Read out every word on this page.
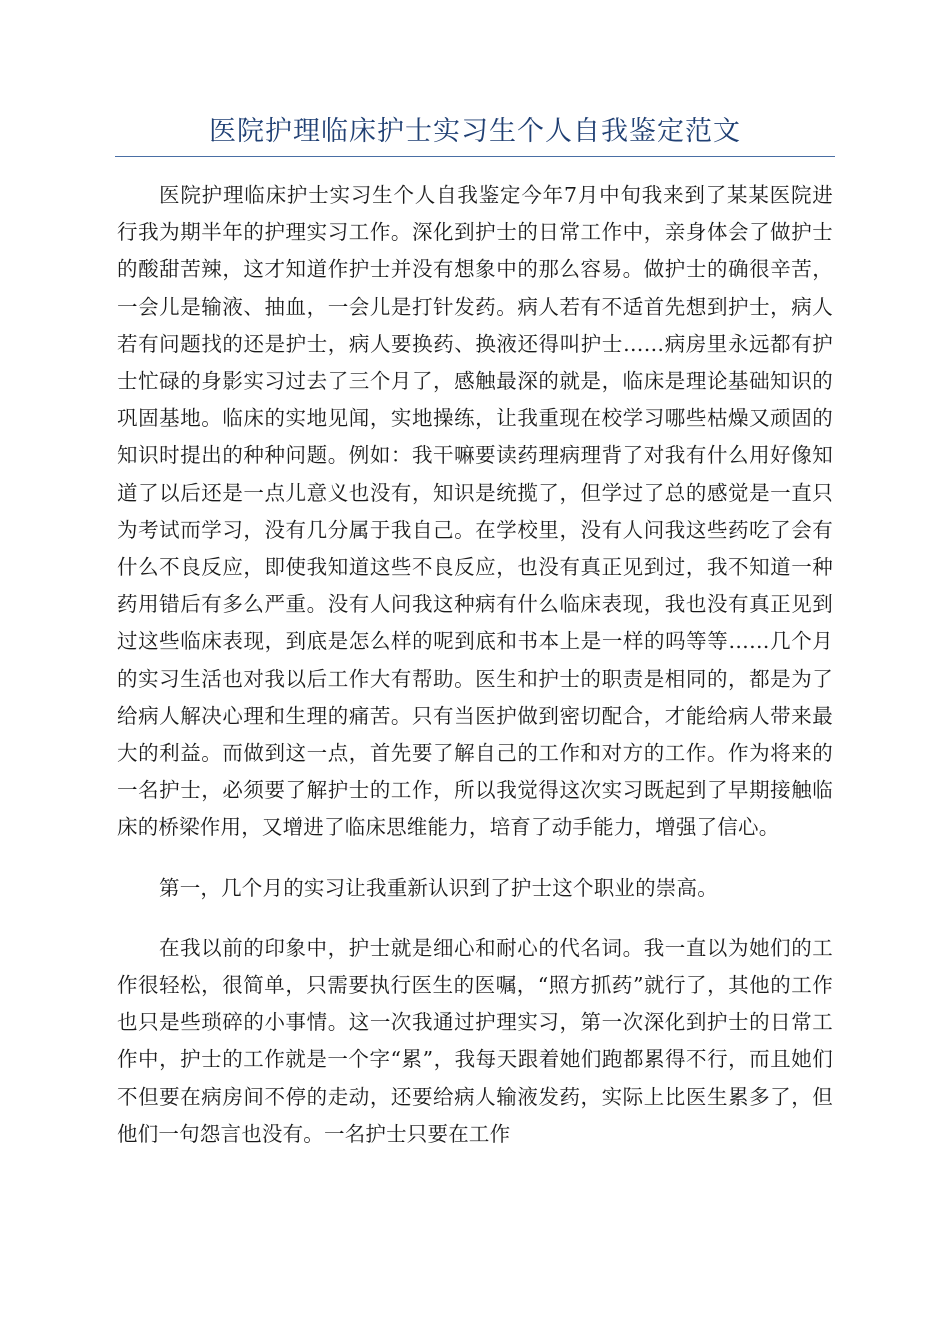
医院护理临床护士实习生个人自我鉴定范文

医院护理临床护士实习生个人自我鉴定今年7月中旬我来到了某某医院进行我为期半年的护理实习工作。深化到护士的日常工作中，亲身体会了做护士的酸甜苦辣，这才知道作护士并没有想象中的那么容易。做护士的确很辛苦，一会儿是输液、抽血，一会儿是打针发药。病人若有不适首先想到护士，病人若有问题找的还是护士，病人要换药、换液还得叫护士……病房里永远都有护士忙碌的身影实习过去了三个月了，感触最深的就是，临床是理论基础知识的巩固基地。临床的实地见闻，实地操练，让我重现在校学习哪些枯燥又顽固的知识时提出的种种问题。例如：我干嘛要读药理病理背了对我有什么用好像知道了以后还是一点儿意义也没有，知识是统揽了，但学过了总的感觉是一直只为考试而学习，没有几分属于我自己。在学校里，没有人问我这些药吃了会有什么不良反应，即使我知道这些不良反应，也没有真正见到过，我不知道一种药用错后有多么严重。没有人问我这种病有什么临床表现，我也没有真正见到过这些临床表现，到底是怎么样的呢到底和书本上是一样的吗等等……几个月的实习生活也对我以后工作大有帮助。医生和护士的职责是相同的，都是为了给病人解决心理和生理的痛苦。只有当医护做到密切配合，才能给病人带来最大的利益。而做到这一点，首先要了解自己的工作和对方的工作。作为将来的一名护士，必须要了解护士的工作，所以我觉得这次实习既起到了早期接触临床的桥梁作用，又增进了临床思维能力，培育了动手能力，增强了信心。

第一，几个月的实习让我重新认识到了护士这个职业的崇高。

在我以前的印象中，护士就是细心和耐心的代名词。我一直以为她们的工作很轻松，很简单，只需要执行医生的医嘱，“照方抓药”就行了，其他的工作也只是些琐碎的小事情。这一次我通过护理实习，第一次深化到护士的日常工作中，护士的工作就是一个字“累”，我每天跟着她们跑都累得不行，而且她们不但要在病房间不停的走动，还要给病人输液发药，实际上比医生累多了，但他们一句怨言也没有。一名护士只要在工作
